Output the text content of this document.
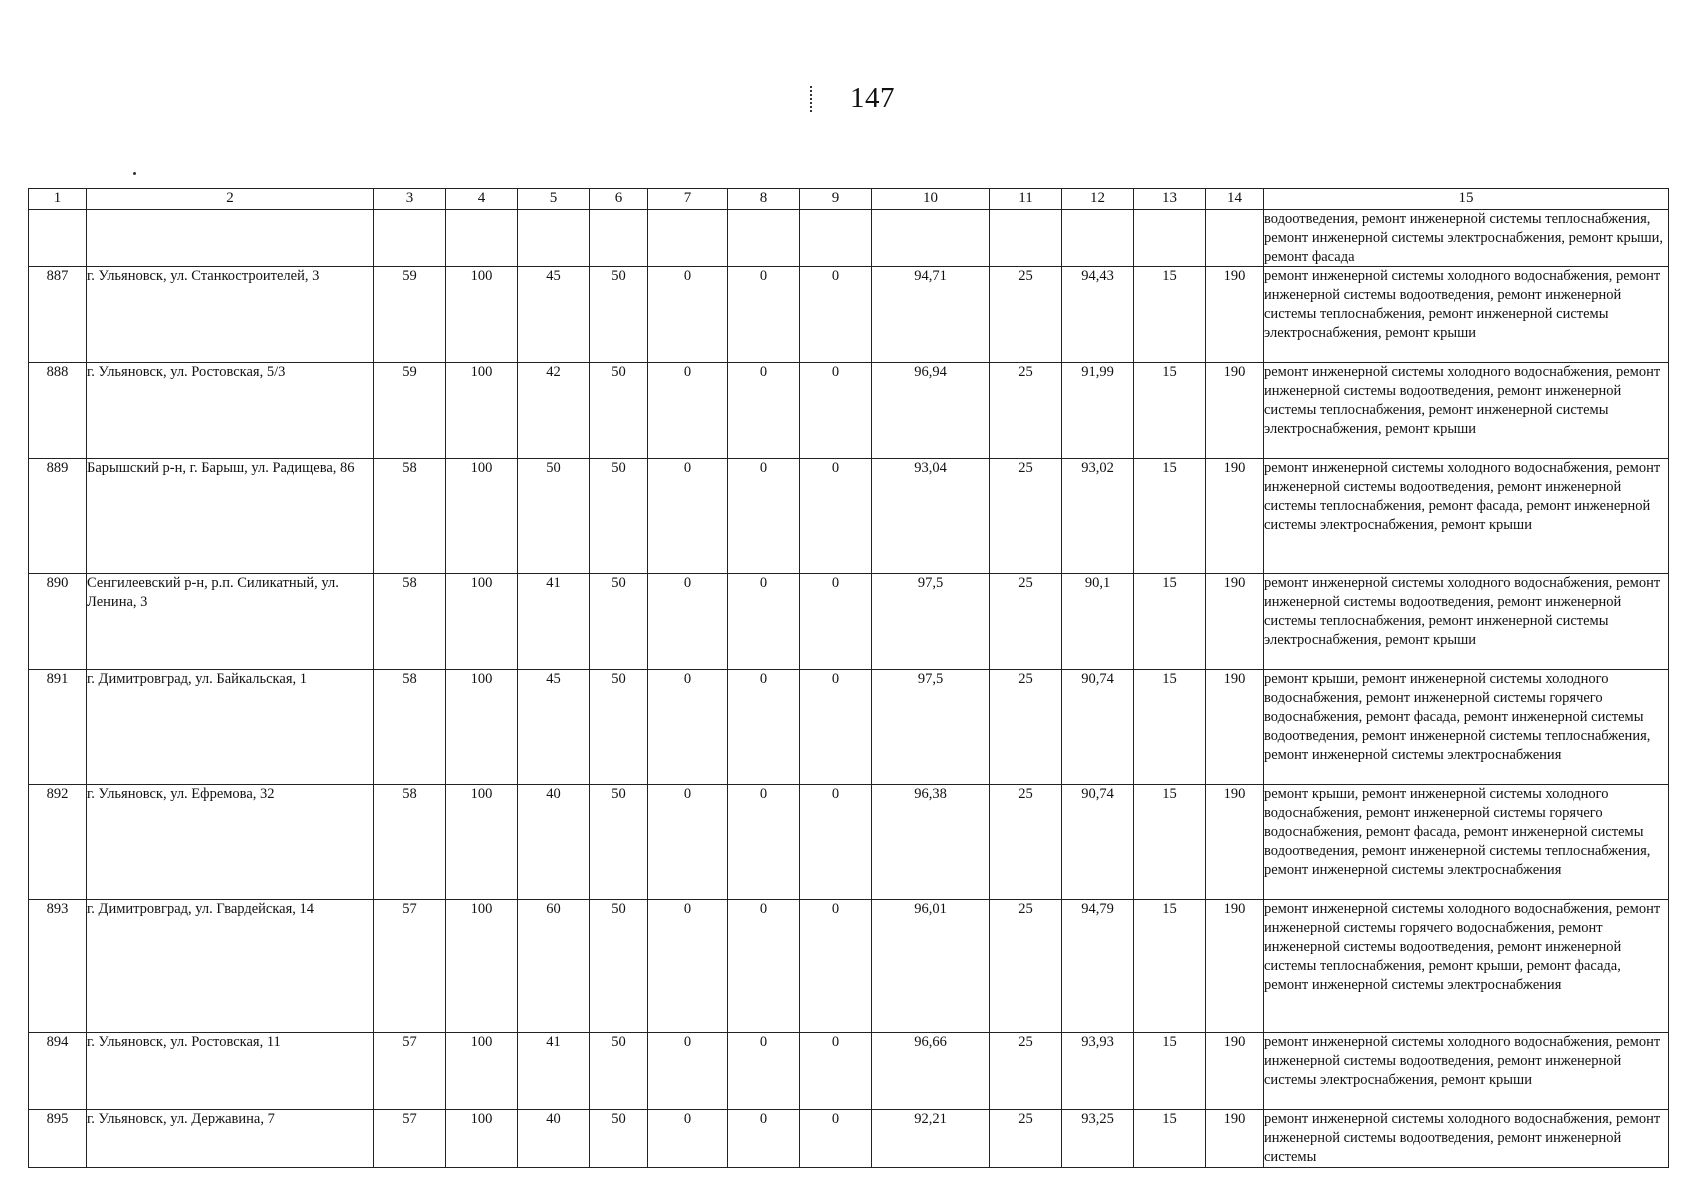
147
1	2	3	4	5	6	7	8	9	10	11	12	13	14	15
														водоотведения, ремонт инженерной системы теплоснабжения, ремонт инженерной системы электроснабжения, ремонт крыши, ремонт фасада
887	г. Ульяновск, ул. Станкостроителей, 3	59	100	45	50	0	0	0	94,71	25	94,43	15	190	ремонт инженерной системы холодного водоснабжения, ремонт инженерной системы водоотведения, ремонт инженерной системы теплоснабжения, ремонт инженерной системы электроснабжения, ремонт крыши
888	г. Ульяновск, ул. Ростовская, 5/3	59	100	42	50	0	0	0	96,94	25	91,99	15	190	ремонт инженерной системы холодного водоснабжения, ремонт инженерной системы водоотведения, ремонт инженерной системы теплоснабжения, ремонт инженерной системы электроснабжения, ремонт крыши
889	Барышский р-н, г. Барыш, ул. Радищева, 86	58	100	50	50	0	0	0	93,04	25	93,02	15	190	ремонт инженерной системы холодного водоснабжения, ремонт инженерной системы водоотведения, ремонт инженерной системы теплоснабжения, ремонт фасада, ремонт инженерной системы электроснабжения, ремонт крыши
890	Сенгилеевский р-н, р.п. Силикатный, ул. Ленина, 3	58	100	41	50	0	0	0	97,5	25	90,1	15	190	ремонт инженерной системы холодного водоснабжения, ремонт инженерной системы водоотведения, ремонт инженерной системы теплоснабжения, ремонт инженерной системы электроснабжения, ремонт крыши
891	г. Димитровград, ул. Байкальская, 1	58	100	45	50	0	0	0	97,5	25	90,74	15	190	ремонт крыши, ремонт инженерной системы холодного водоснабжения, ремонт инженерной системы горячего водоснабжения, ремонт фасада, ремонт инженерной системы водоотведения, ремонт инженерной системы теплоснабжения, ремонт инженерной системы электроснабжения
892	г. Ульяновск, ул. Ефремова, 32	58	100	40	50	0	0	0	96,38	25	90,74	15	190	ремонт крыши, ремонт инженерной системы холодного водоснабжения, ремонт инженерной системы горячего водоснабжения, ремонт фасада, ремонт инженерной системы водоотведения, ремонт инженерной системы теплоснабжения, ремонт инженерной системы электроснабжения
893	г. Димитровград, ул. Гвардейская, 14	57	100	60	50	0	0	0	96,01	25	94,79	15	190	ремонт инженерной системы холодного водоснабжения, ремонт инженерной системы горячего водоснабжения, ремонт инженерной системы водоотведения, ремонт инженерной системы теплоснабжения, ремонт крыши, ремонт фасада, ремонт инженерной системы электроснабжения
894	г. Ульяновск, ул. Ростовская, 11	57	100	41	50	0	0	0	96,66	25	93,93	15	190	ремонт инженерной системы холодного водоснабжения, ремонт инженерной системы водоотведения, ремонт инженерной системы электроснабжения, ремонт крыши
895	г. Ульяновск, ул. Державина, 7	57	100	40	50	0	0	0	92,21	25	93,25	15	190	ремонт инженерной системы холодного водоснабжения, ремонт инженерной системы водоотведения, ремонт инженерной системы
